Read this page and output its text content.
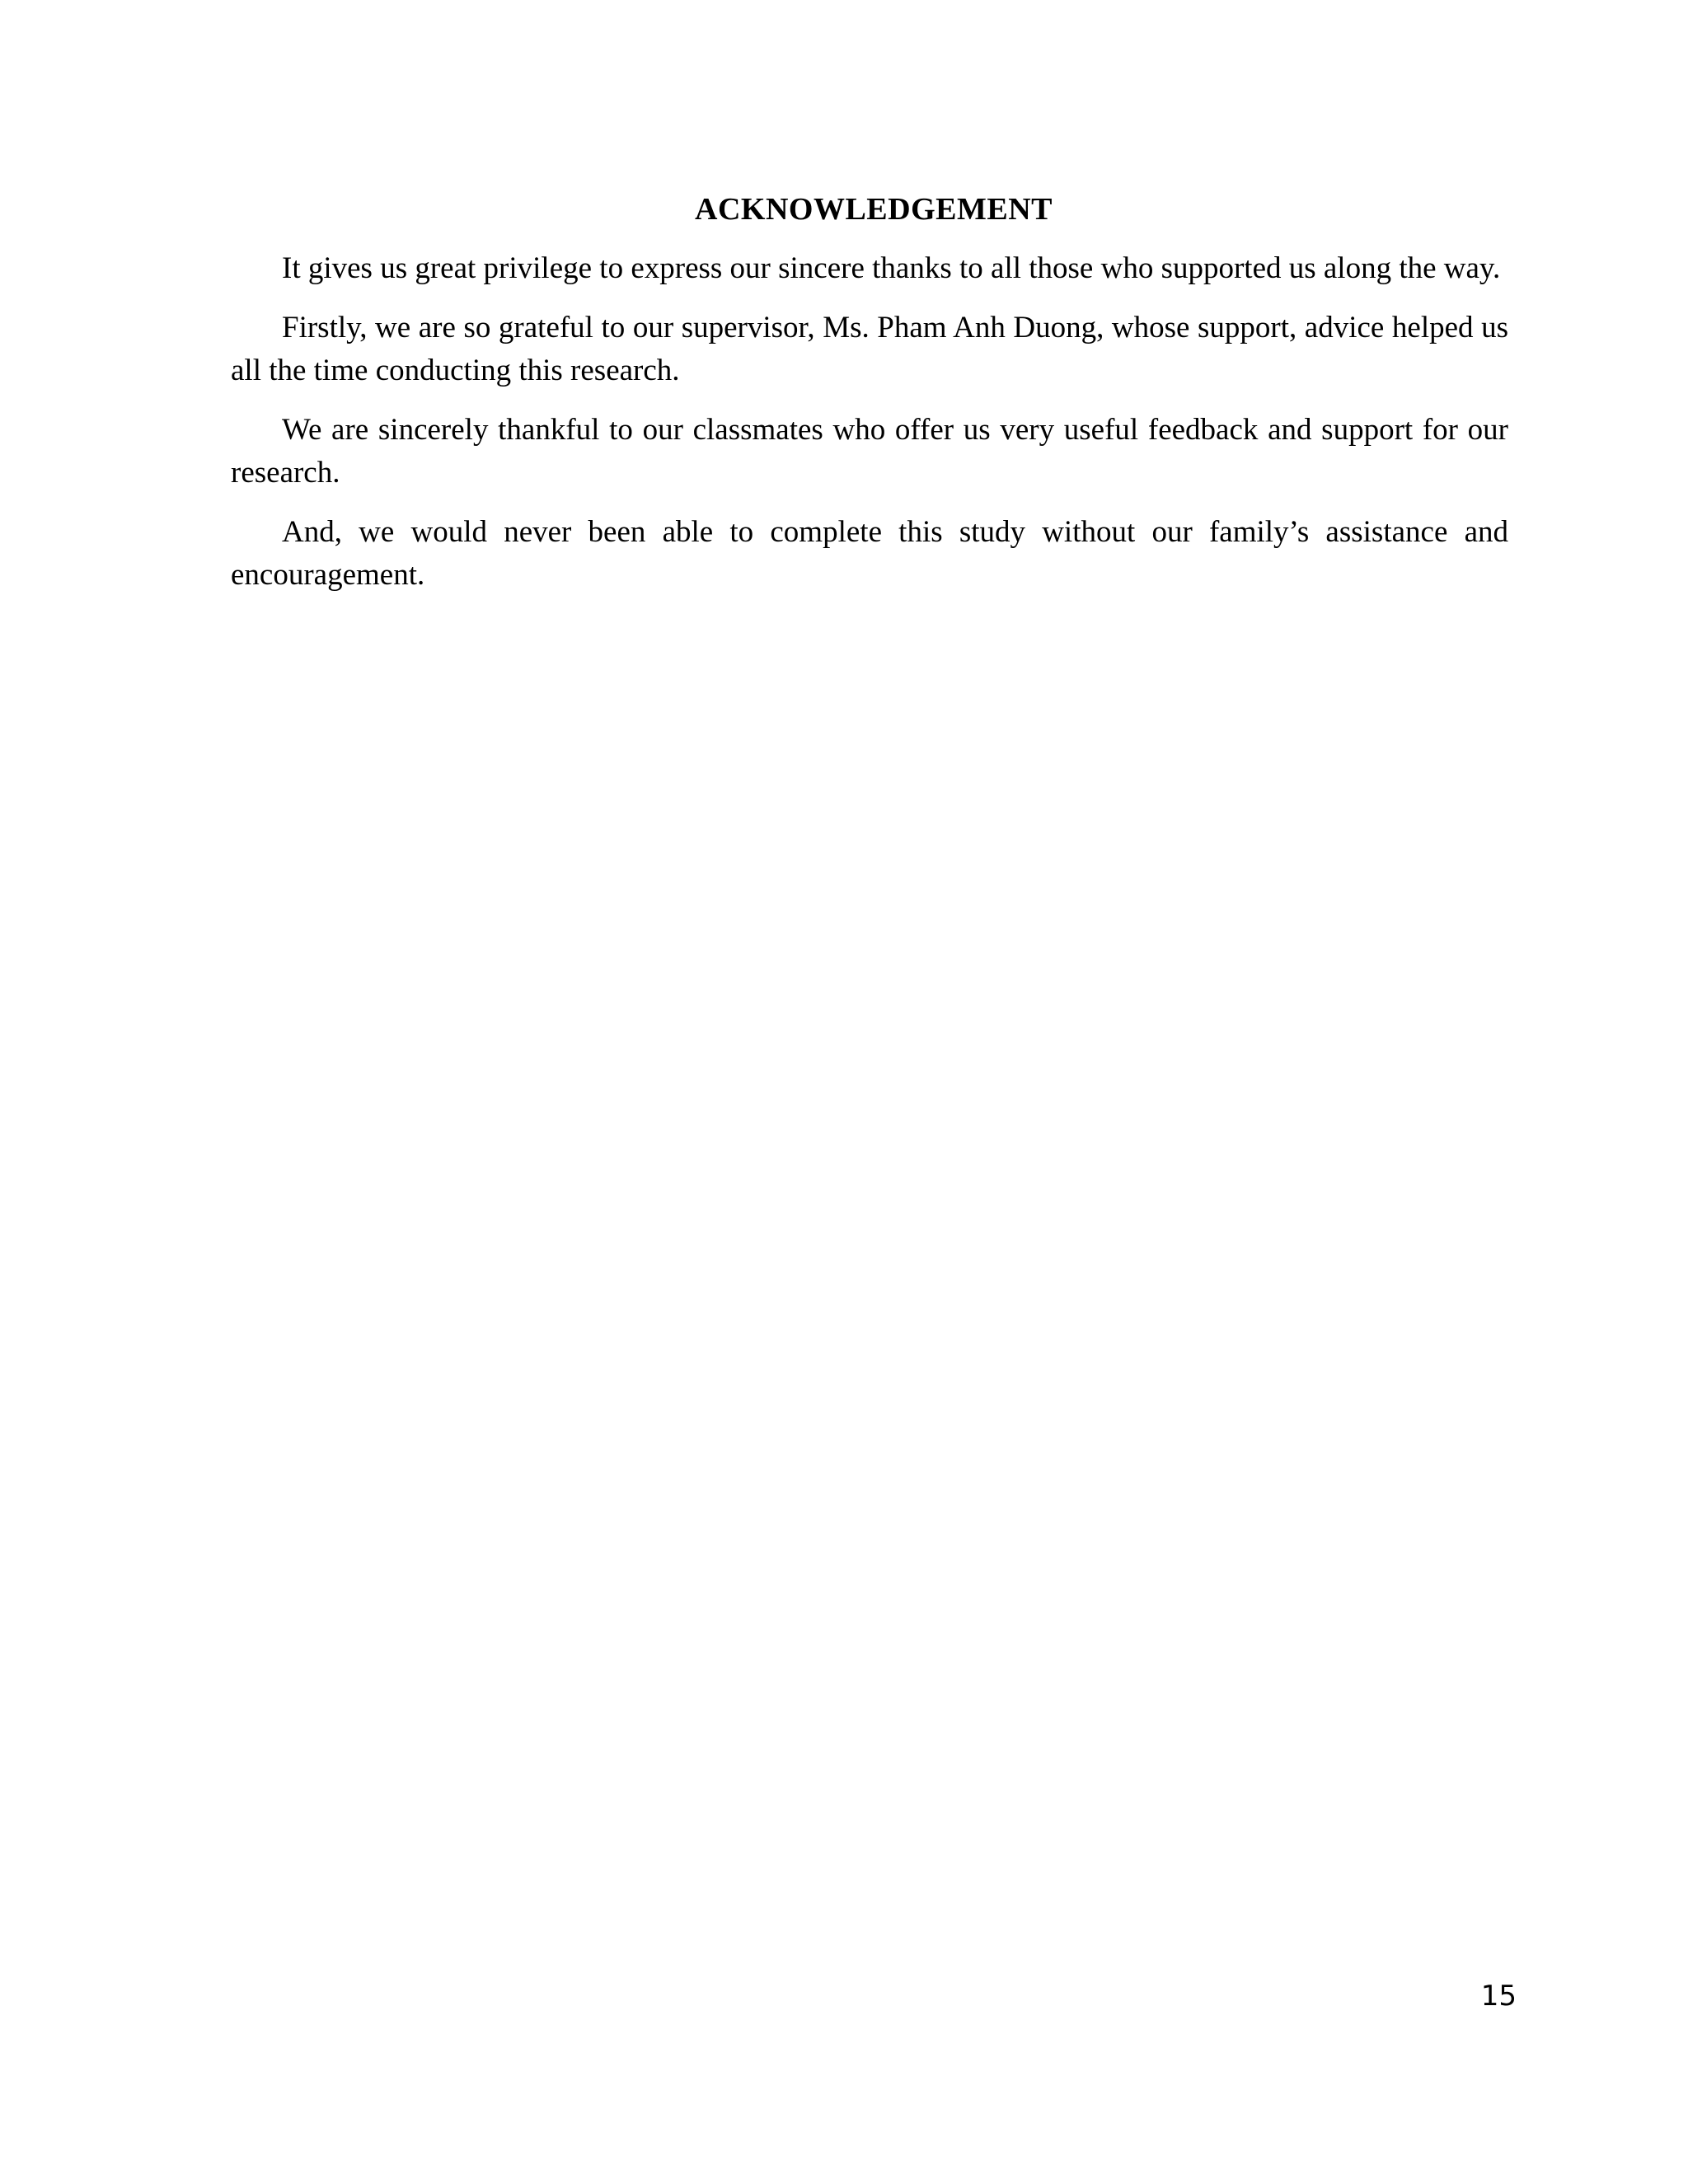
ACKNOWLEDGEMENT

It gives us great privilege to express our sincere thanks to all those who supported us along the way.

Firstly, we are so grateful to our supervisor, Ms. Pham Anh Duong, whose support, advice helped us all the time conducting this research.

We are sincerely thankful to our classmates who offer us very useful feedback and support for our research.

And, we would never been able to complete this study without our family’s assistance and encouragement.

15
